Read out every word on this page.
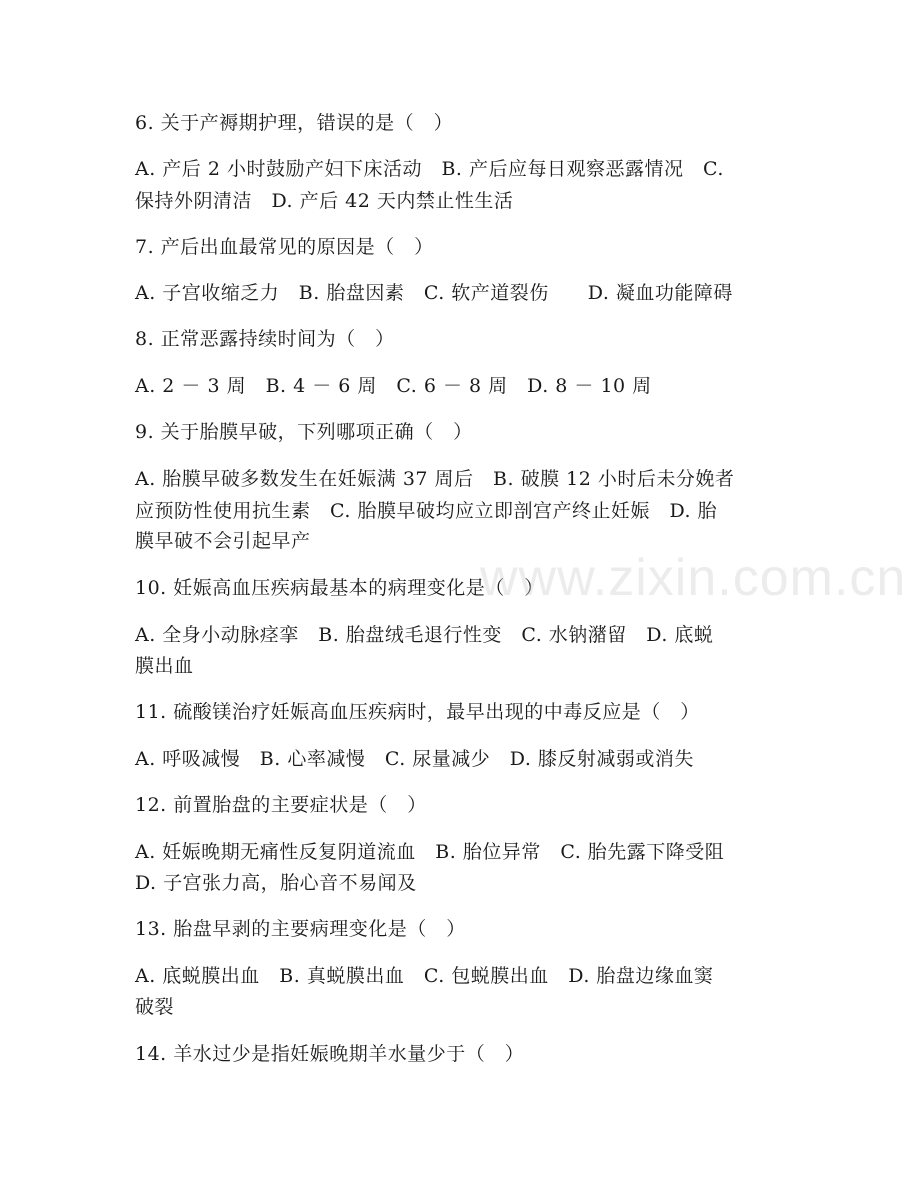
6. 关于产褥期护理，错误的是（　）
A. 产后 2 小时鼓励产妇下床活动　B. 产后应每日观察恶露情况　C.
保持外阴清洁　D. 产后 42 天内禁止性生活
7. 产后出血最常见的原因是（　）
A. 子宫收缩乏力　B. 胎盘因素　C. 软产道裂伤　　D. 凝血功能障碍
8. 正常恶露持续时间为（　）
A. 2 － 3 周　B. 4 － 6 周　C. 6 － 8 周　D. 8 － 10 周
9. 关于胎膜早破，下列哪项正确（　）
A. 胎膜早破多数发生在妊娠满 37 周后　B. 破膜 12 小时后未分娩者
应预防性使用抗生素　C. 胎膜早破均应立即剖宫产终止妊娠　D. 胎
膜早破不会引起早产
10. 妊娠高血压疾病最基本的病理变化是（　）
A. 全身小动脉痉挛　B. 胎盘绒毛退行性变　C. 水钠潴留　D. 底蜕
膜出血
11. 硫酸镁治疗妊娠高血压疾病时，最早出现的中毒反应是（　）
A. 呼吸减慢　B. 心率减慢　C. 尿量减少　D. 膝反射减弱或消失
12. 前置胎盘的主要症状是（　）
A. 妊娠晚期无痛性反复阴道流血　B. 胎位异常　C. 胎先露下降受阻
D. 子宫张力高，胎心音不易闻及
13. 胎盘早剥的主要病理变化是（　）
A. 底蜕膜出血　B. 真蜕膜出血　C. 包蜕膜出血　D. 胎盘边缘血窦
破裂
14. 羊水过少是指妊娠晚期羊水量少于（　）
www.zixin.com.cn
